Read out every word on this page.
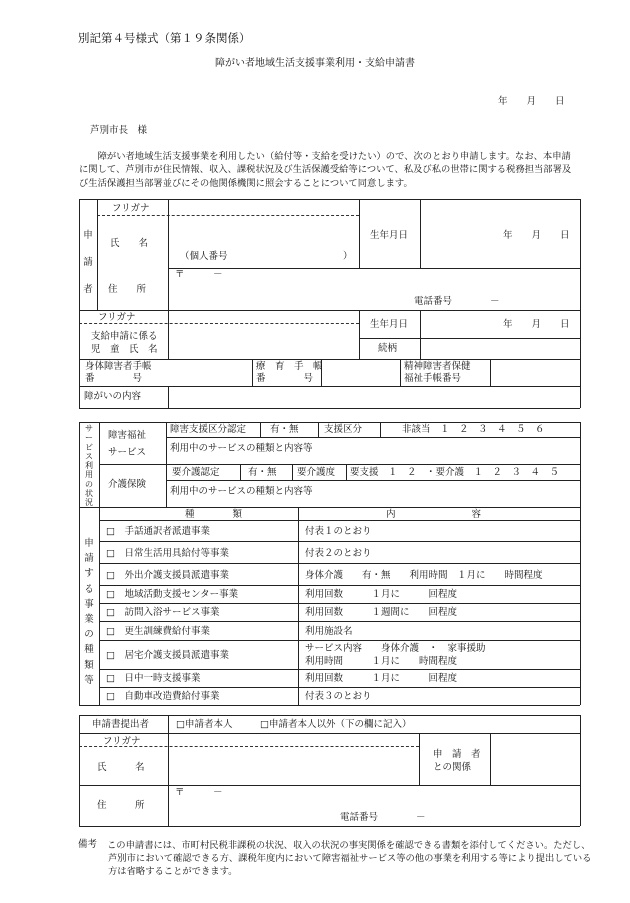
別記第４号様式（第１９条関係）
障がい者地域生活支援事業利用・支給申請書
年　　月　　日
芦別市長　様
障がい者地域生活支援事業を利用したい（給付等・支給を受けたい）ので、次のとおり申請します。なお、本申請に関して、芦別市が住民情報、収入、課税状況及び生活保護受給等について、私及び私の世帯に関する税務担当部署及び生活保護担当部署並びにその他関係機関に照会することについて同意します。
申請者
フリガナ
氏　　名
（個人番号	）
生年月日	年　　月　　日
〒　　　－
住　　所
電話番号　　　　－
フリガナ
支給申請に係る
児　童　氏　名
生年月日	年　　月　　日
続柄
身体障害者手帳
番　　　　号
療　育　手　帳
番　　　　号
精神障害者保健
福祉手帳番号
障がいの内容
サービス利用の状況
障害福祉
サービス
障害支援区分認定	有・無	支援区分	非該当　１　２　３　４　５　６
利用中のサービスの種類と内容等
介護保険
要介護認定	有・無 要介護度 要支援　１　２　・要介護　１　２　３　４　５
利用中のサービスの種類と内容等
申請する事業の種類等
種　　　　類	内　　　　　　　　容
□　手話通訳者派遣事業	付表１のとおり
□　日常生活用具給付等事業	付表２のとおり
□　外出介護支援員派遣事業	身体介護　　有・無　　利用時間　１月に　　時間程度
□　地域活動支援センター事業	利用回数　　　１月に　　　回程度
□　訪問入浴サービス事業	利用回数　　　１週間に　　回程度
□　更生訓練費給付事業	利用施設名
□　居宅介護支援員派遣事業
サービス内容　　身体介護　・　家事援助
利用時間　　　１月に　　時間程度
□　日中一時支援事業	利用回数　　　１月に　　　回程度
□　自動車改造費給付事業	付表３のとおり
申請書提出者	□申請者本人	□申請者本人以外（下の欄に記入）
フリガナ
氏　　　名
申　請　者
との関係
〒　　　－
住　　　所
電話番号　　　　－
備考	この申請書には、市町村民税非課税の状況、収入の状況の事実関係を確認できる書類を添付してください。ただし、芦別市において確認できる方、課税年度内において障害福祉サービス等の他の事業を利用する等により提出している方は省略することができます。
